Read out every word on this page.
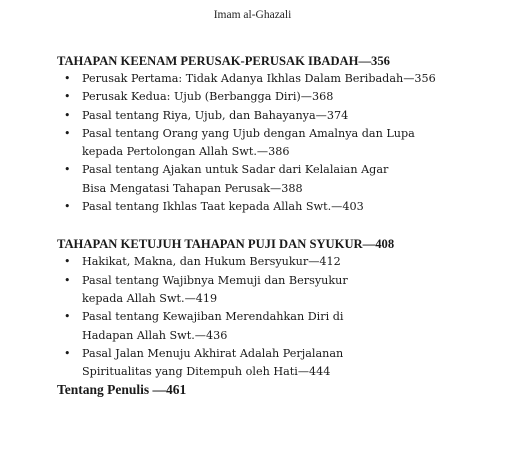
Imam al-Ghazali
TAHAPAN KEENAM PERUSAK-PERUSAK IBADAH—356
• Perusak Pertama: Tidak Adanya Ikhlas Dalam Beribadah—356
• Perusak Kedua: Ujub (Berbangga Diri)—368
• Pasal tentang Riya, Ujub, dan Bahayanya—374
• Pasal tentang Orang yang Ujub dengan Amalnya dan Lupa
kepada Pertolongan Allah Swt.—386
• Pasal tentang Ajakan untuk Sadar dari Kelalaian Agar
Bisa Mengatasi Tahapan Perusak—388
• Pasal tentang Ikhlas Taat kepada Allah Swt.—403
TAHAPAN KETUJUH TAHAPAN PUJI DAN SYUKUR—408
• Hakikat, Makna, dan Hukum Bersyukur—412
• Pasal tentang Wajibnya Memuji dan Bersyukur
kepada Allah Swt.—419
• Pasal tentang Kewajiban Merendahkan Diri di
Hadapan Allah Swt.—436
• Pasal Jalan Menuju Akhirat Adalah Perjalanan
Spiritualitas yang Ditempuh oleh Hati—444
Tentang Penulis —461
